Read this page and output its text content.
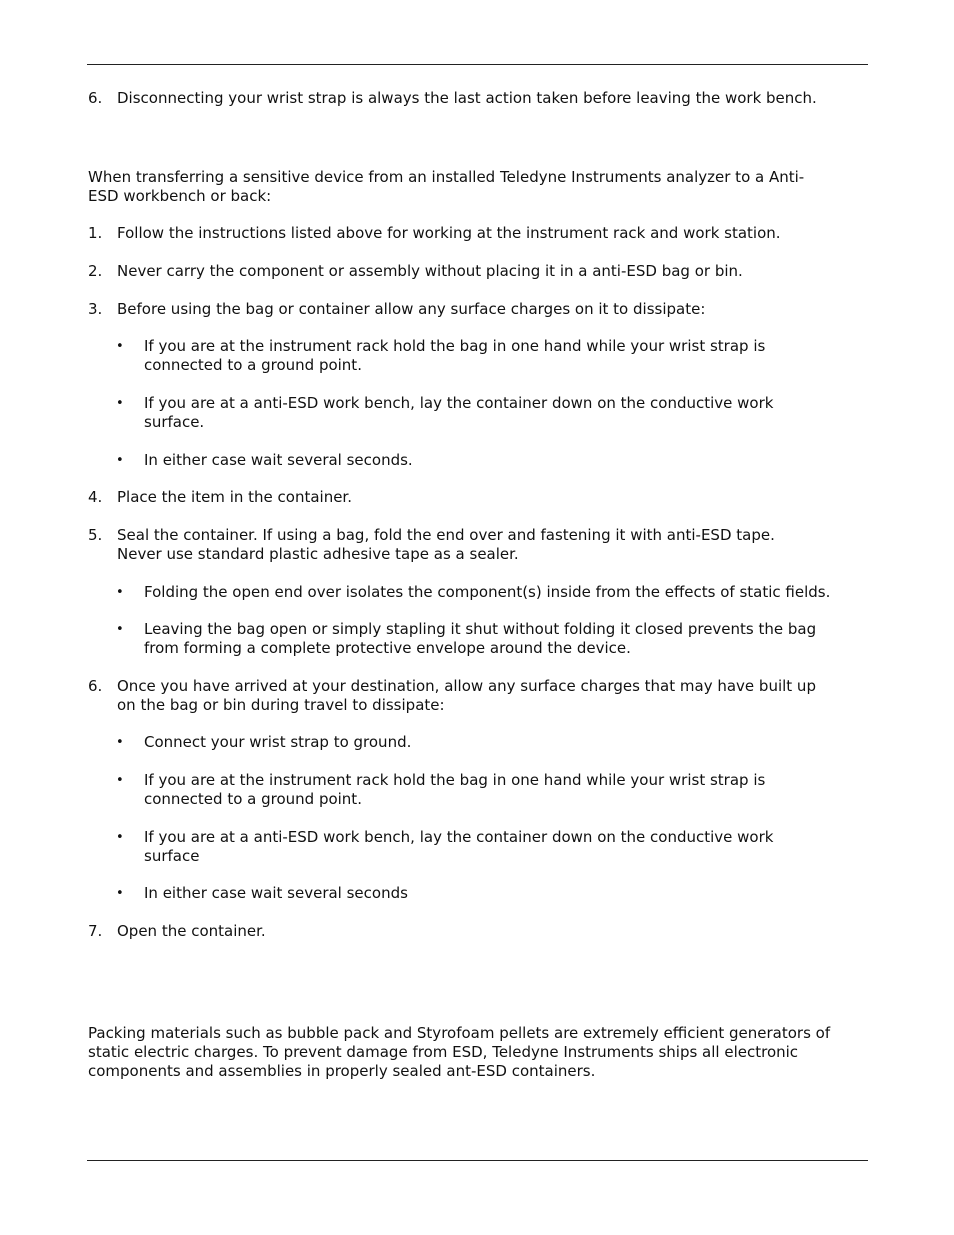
6. Disconnecting your wrist strap is always the last action taken before leaving the work bench.
When transferring a sensitive device from an installed Teledyne Instruments analyzer to a Anti-
ESD workbench or back:
1. Follow the instructions listed above for working at the instrument rack and work station.
2. Never carry the component or assembly without placing it in a anti-ESD bag or bin.
3. Before using the bag or container allow any surface charges on it to dissipate:
• If you are at the instrument rack hold the bag in one hand while your wrist strap is
connected to a ground point.
• If you are at a anti-ESD work bench, lay the container down on the conductive work
surface.
• In either case wait several seconds.
4. Place the item in the container.
5. Seal the container. If using a bag, fold the end over and fastening it with anti-ESD tape.
Never use standard plastic adhesive tape as a sealer.
• Folding the open end over isolates the component(s) inside from the effects of static fields.
• Leaving the bag open or simply stapling it shut without folding it closed prevents the bag
from forming a complete protective envelope around the device.
6. Once you have arrived at your destination, allow any surface charges that may have built up
on the bag or bin during travel to dissipate:
• Connect your wrist strap to ground.
• If you are at the instrument rack hold the bag in one hand while your wrist strap is
connected to a ground point.
• If you are at a anti-ESD work bench, lay the container down on the conductive work
surface
• In either case wait several seconds
7. Open the container.
Packing materials such as bubble pack and Styrofoam pellets are extremely efficient generators of
static electric charges. To prevent damage from ESD, Teledyne Instruments ships all electronic
components and assemblies in properly sealed ant-ESD containers.
